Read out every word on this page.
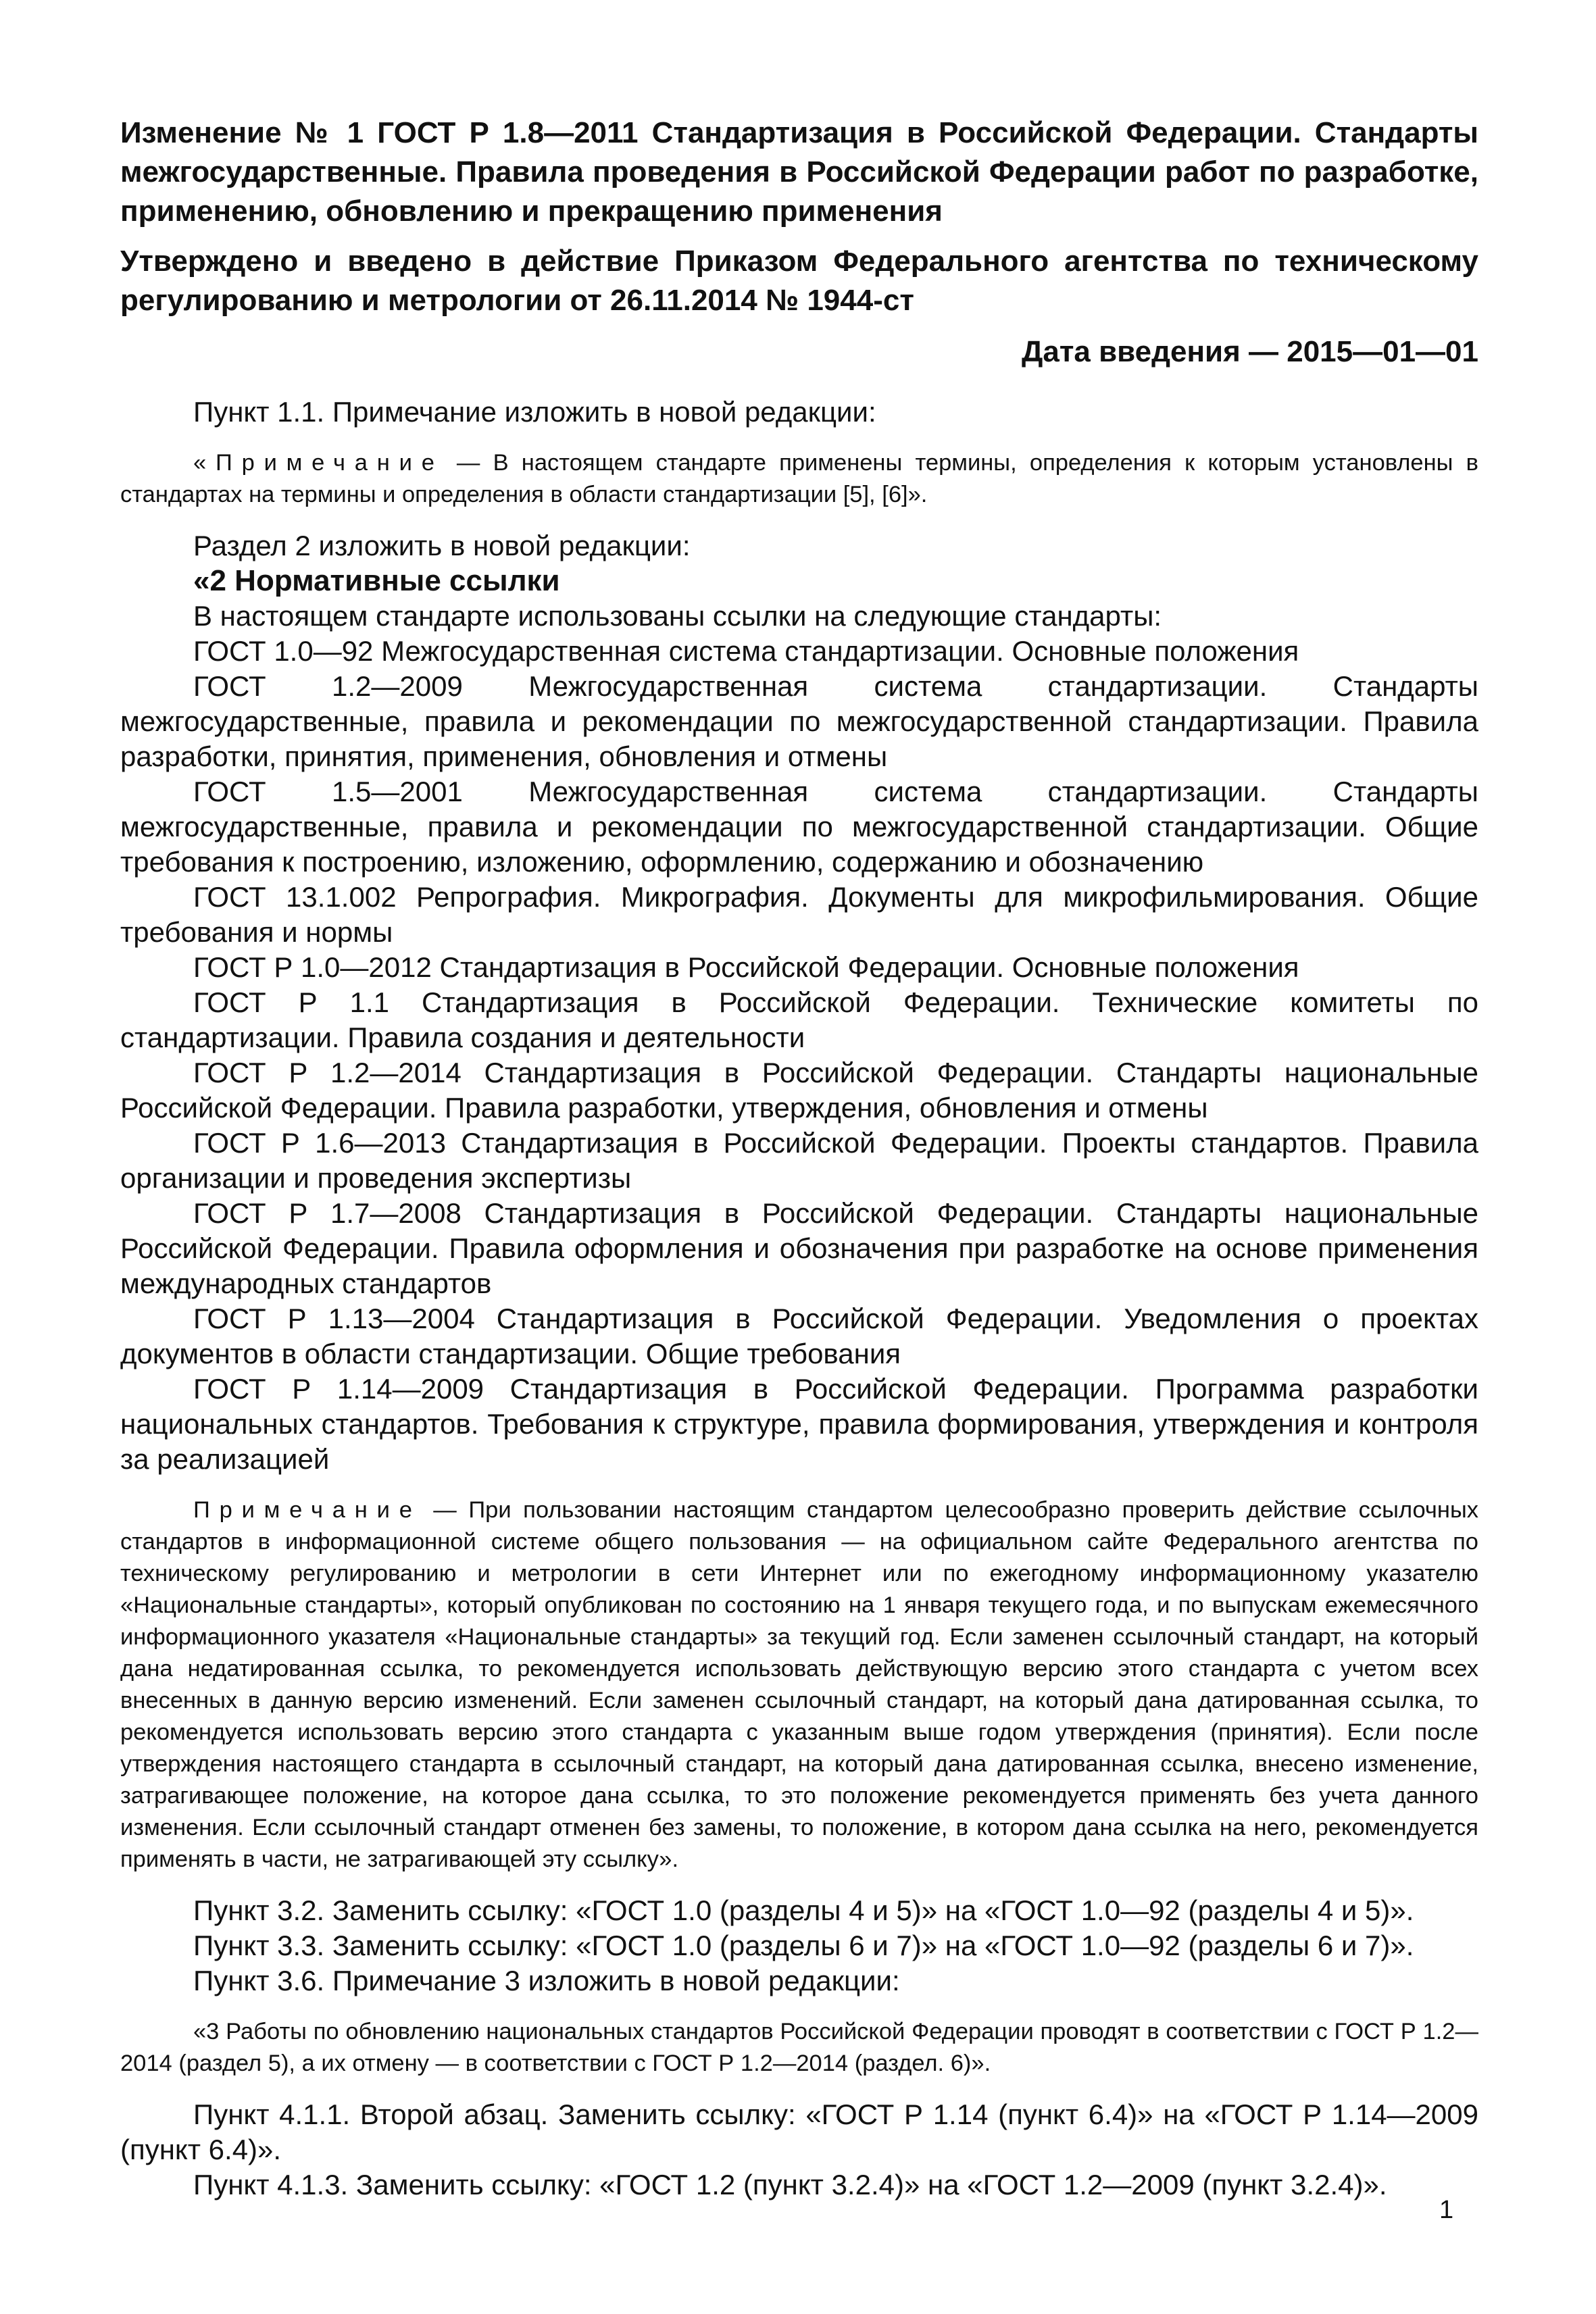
Изменение № 1 ГОСТ Р 1.8—2011 Стандартизация в Российской Федерации. Стандарты межгосударственные. Правила проведения в Российской Федерации работ по разработке, применению, обновлению и прекращению применения

Утверждено и введено в действие Приказом Федерального агентства по техническому регулированию и метрологии от 26.11.2014 № 1944-ст

Дата введения — 2015—01—01

Пункт 1.1. Примечание изложить в новой редакции:

«Примечание — В настоящем стандарте применены термины, определения к которым установлены в стандартах на термины и определения в области стандартизации [5], [6]».

Раздел 2 изложить в новой редакции:

«2 Нормативные ссылки

В настоящем стандарте использованы ссылки на следующие стандарты:

ГОСТ 1.0—92 Межгосударственная система стандартизации. Основные положения

ГОСТ 1.2—2009 Межгосударственная система стандартизации. Стандарты межгосударственные, правила и рекомендации по межгосударственной стандартизации. Правила разработки, принятия, применения, обновления и отмены

ГОСТ 1.5—2001 Межгосударственная система стандартизации. Стандарты межгосударственные, правила и рекомендации по межгосударственной стандартизации. Общие требования к построению, изложению, оформлению, содержанию и обозначению

ГОСТ 13.1.002 Репрография. Микрография. Документы для микрофильмирования. Общие требования и нормы

ГОСТ Р 1.0—2012 Стандартизация в Российской Федерации. Основные положения

ГОСТ Р 1.1 Стандартизация в Российской Федерации. Технические комитеты по стандартизации. Правила создания и деятельности

ГОСТ Р 1.2—2014 Стандартизация в Российской Федерации. Стандарты национальные Российской Федерации. Правила разработки, утверждения, обновления и отмены

ГОСТ Р 1.6—2013 Стандартизация в Российской Федерации. Проекты стандартов. Правила организации и проведения экспертизы

ГОСТ Р 1.7—2008 Стандартизация в Российской Федерации. Стандарты национальные Российской Федерации. Правила оформления и обозначения при разработке на основе применения международных стандартов

ГОСТ Р 1.13—2004 Стандартизация в Российской Федерации. Уведомления о проектах документов в области стандартизации. Общие требования

ГОСТ Р 1.14—2009 Стандартизация в Российской Федерации. Программа разработки национальных стандартов. Требования к структуре, правила формирования, утверждения и контроля за реализацией

Примечание — При пользовании настоящим стандартом целесообразно проверить действие ссылочных стандартов в информационной системе общего пользования — на официальном сайте Федерального агентства по техническому регулированию и метрологии в сети Интернет или по ежегодному информационному указателю «Национальные стандарты», который опубликован по состоянию на 1 января текущего года, и по выпускам ежемесячного информационного указателя «Национальные стандарты» за текущий год. Если заменен ссылочный стандарт, на который дана недатированная ссылка, то рекомендуется использовать действующую версию этого стандарта с учетом всех внесенных в данную версию изменений. Если заменен ссылочный стандарт, на который дана датированная ссылка, то рекомендуется использовать версию этого стандарта с указанным выше годом утверждения (принятия). Если после утверждения настоящего стандарта в ссылочный стандарт, на который дана датированная ссылка, внесено изменение, затрагивающее положение, на которое дана ссылка, то это положение рекомендуется применять без учета данного изменения. Если ссылочный стандарт отменен без замены, то положение, в котором дана ссылка на него, рекомендуется применять в части, не затрагивающей эту ссылку».

Пункт 3.2. Заменить ссылку: «ГОСТ 1.0 (разделы 4 и 5)» на «ГОСТ 1.0—92 (разделы 4 и 5)».

Пункт 3.3. Заменить ссылку: «ГОСТ 1.0 (разделы 6 и 7)» на «ГОСТ 1.0—92 (разделы 6 и 7)».

Пункт 3.6. Примечание 3 изложить в новой редакции:

«3 Работы по обновлению национальных стандартов Российской Федерации проводят в соответствии с ГОСТ Р 1.2—2014 (раздел 5), а их отмену — в соответствии с ГОСТ Р 1.2—2014 (раздел. 6)».

Пункт 4.1.1. Второй абзац. Заменить ссылку: «ГОСТ Р 1.14 (пункт 6.4)» на «ГОСТ Р 1.14—2009 (пункт 6.4)».

Пункт 4.1.3. Заменить ссылку: «ГОСТ 1.2 (пункт 3.2.4)» на «ГОСТ 1.2—2009 (пункт 3.2.4)».

1
